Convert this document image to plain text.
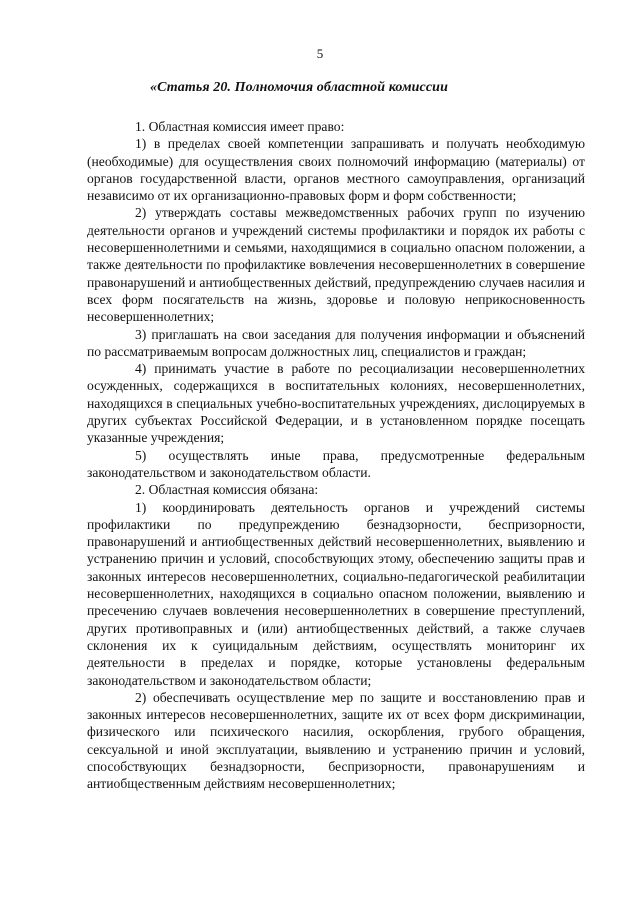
5
«Статья 20. Полномочия областной комиссии

1. Областная комиссия имеет право:

1) в пределах своей компетенции запрашивать и получать необходимую (необходимые) для осуществления своих полномочий информацию (материалы) от органов государственной власти, органов местного самоуправления, организаций независимо от их организационно-правовых форм и форм собственности;

2) утверждать составы межведомственных рабочих групп по изучению деятельности органов и учреждений системы профилактики и порядок их работы с несовершеннолетними и семьями, находящимися в социально опасном положении, а также деятельности по профилактике вовлечения несовершеннолетних в совершение правонарушений и антиобщественных действий, предупреждению случаев насилия и всех форм посягательств на жизнь, здоровье и половую неприкосновенность несовершеннолетних;

3) приглашать на свои заседания для получения информации и объяснений по рассматриваемым вопросам должностных лиц, специалистов и граждан;

4) принимать участие в работе по ресоциализации несовершеннолетних осужденных, содержащихся в воспитательных колониях, несовершеннолетних, находящихся в специальных учебно-воспитательных учреждениях, дислоцируемых в других субъектах Российской Федерации, и в установленном порядке посещать указанные учреждения;

5) осуществлять иные права, предусмотренные федеральным законодательством и законодательством области.

2. Областная комиссия обязана:

1) координировать деятельность органов и учреждений системы профилактики по предупреждению безнадзорности, беспризорности, правонарушений и антиобщественных действий несовершеннолетних, выявлению и устранению причин и условий, способствующих этому, обеспечению защиты прав и законных интересов несовершеннолетних, социально-педагогической реабилитации несовершеннолетних, находящихся в социально опасном положении, выявлению и пресечению случаев вовлечения несовершеннолетних в совершение преступлений, других противоправных и (или) антиобщественных действий, а также случаев склонения их к суицидальным действиям, осуществлять мониторинг их деятельности в пределах и порядке, которые установлены федеральным законодательством и законодательством области;

2) обеспечивать осуществление мер по защите и восстановлению прав и законных интересов несовершеннолетних, защите их от всех форм дискриминации, физического или психического насилия, оскорбления, грубого обращения, сексуальной и иной эксплуатации, выявлению и устранению причин и условий, способствующих безнадзорности, беспризорности, правонарушениям и антиобщественным действиям несовершеннолетних;
